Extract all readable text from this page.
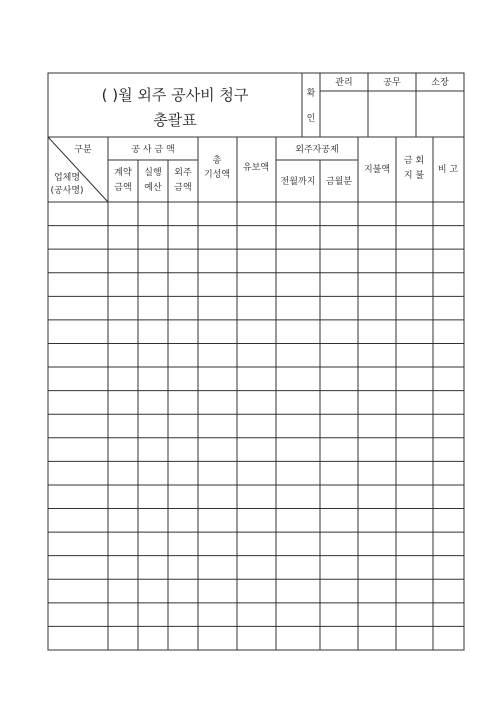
( )월 외주 공사비 청구
총괄표
확
인
관리	공무	소장
구분
업체명
(공사명)
공 사 금 액
계약
금액
실행
예산
외주
금액
총
기성액
유보액
외주자공제
전월까지 금월분
지불액
금 회
지 불
비 고
